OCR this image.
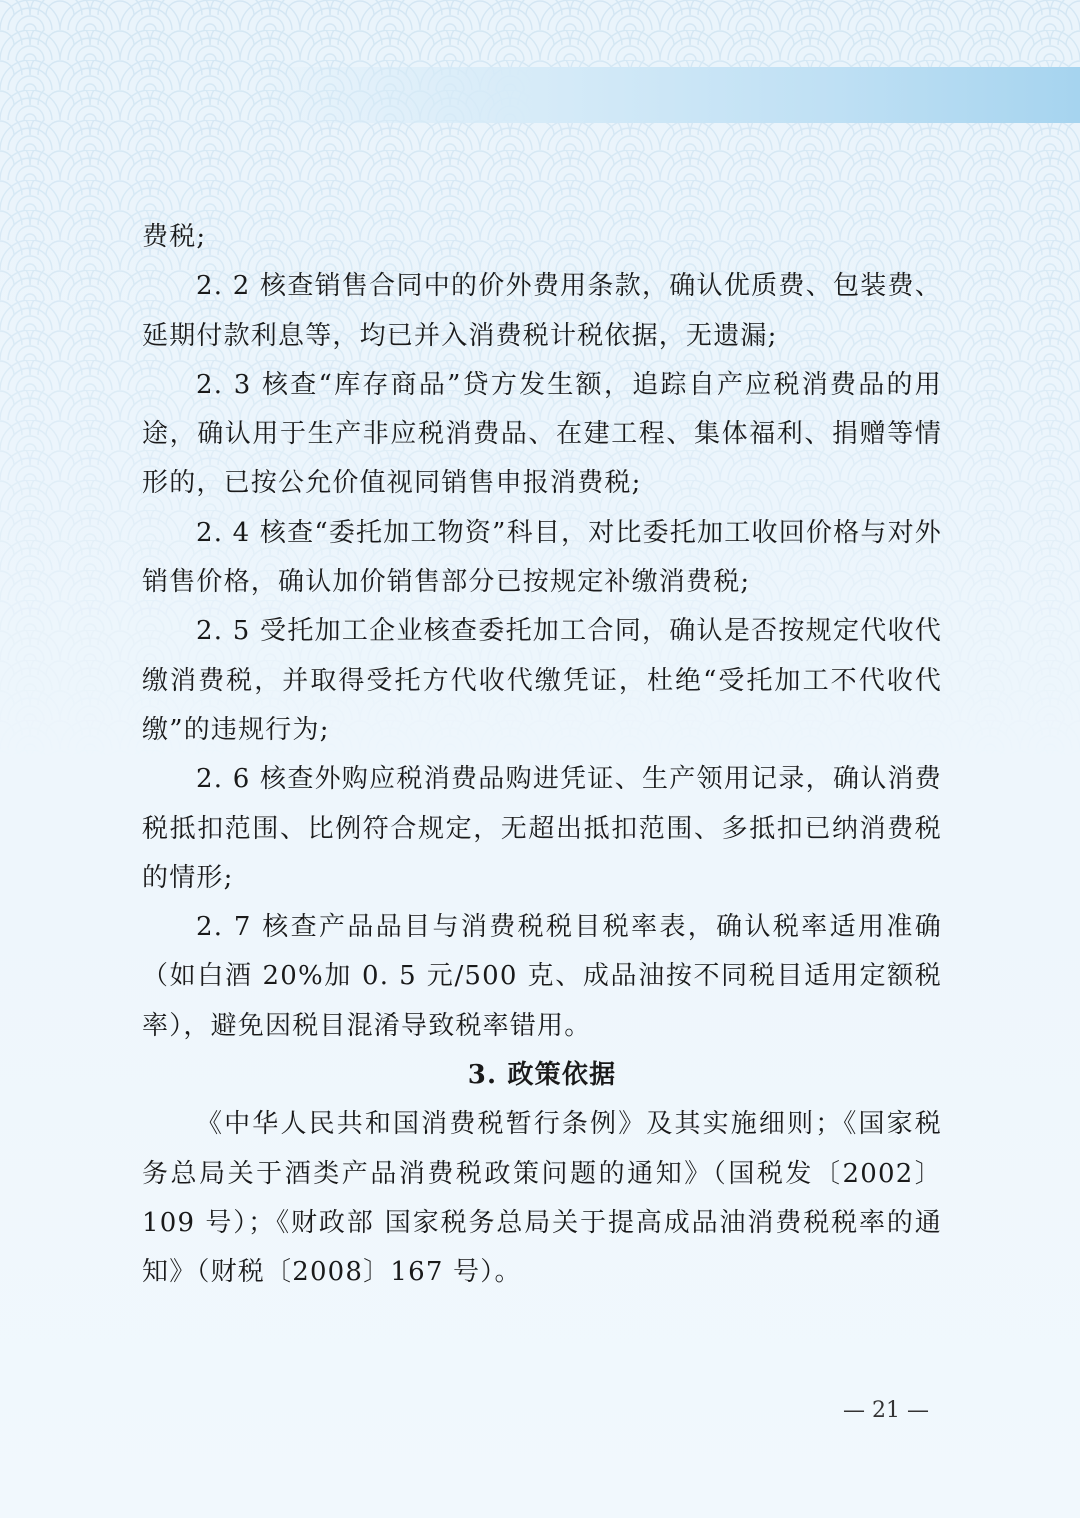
费税;

2. 2 核查销售合同中的价外费用条款，确认优质费、包装费、延期付款利息等，均已并入消费税计税依据，无遗漏;

2. 3 核查“库存商品”贷方发生额，追踪自产应税消费品的用途，确认用于生产非应税消费品、在建工程、集体福利、捐赠等情形的，已按公允价值视同销售申报消费税;

2. 4 核查“委托加工物资”科目，对比委托加工收回价格与对外销售价格，确认加价销售部分已按规定补缴消费税;

2. 5 受托加工企业核查委托加工合同，确认是否按规定代收代缴消费税，并取得受托方代收代缴凭证，杜绝“受托加工不代收代缴”的违规行为;

2. 6 核查外购应税消费品购进凭证、生产领用记录，确认消费税抵扣范围、比例符合规定，无超出抵扣范围、多抵扣已纳消费税的情形;

2. 7 核查产品品目与消费税税目税率表，确认税率适用准确（如白酒 20%加 0. 5 元/500 克、成品油按不同税目适用定额税率），避免因税目混淆导致税率错用。

3. 政策依据

《中华人民共和国消费税暂行条例》及其实施细则；《国家税务总局关于酒类产品消费税政策问题的通知》（国税发〔2002〕109 号）；《财政部 国家税务总局关于提高成品油消费税税率的通知》（财税〔2008〕167 号）。

— 21 —
